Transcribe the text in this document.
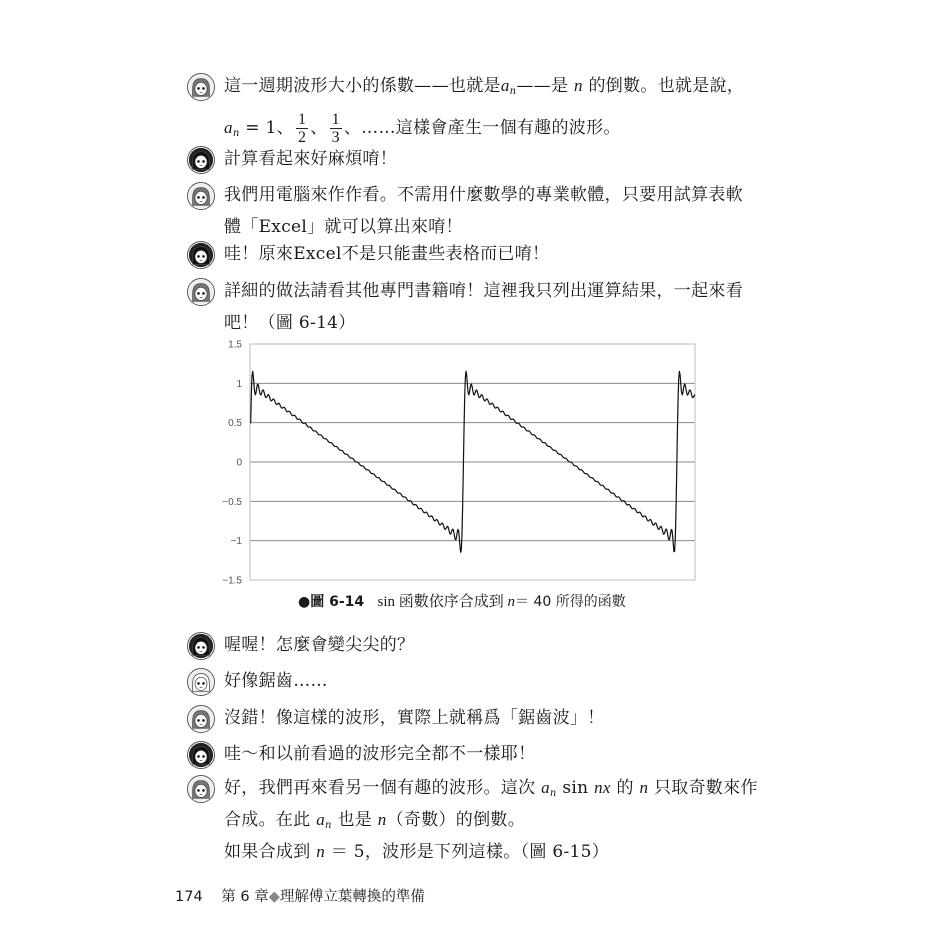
這一週期波形大小的係數——也就是$a_n——$是 n 的倒數。也就是說，
$a_n = 1$、 $\frac{1}{2}$ 、 $\frac{1}{3}$ 、……這樣會產生一個有趣的波形。
計算看起來好麻煩唷！
我們用電腦來作作看。不需用什麼數學的專業軟體，只要用試算表軟
體「Excel」就可以算出來唷！
哇！原來Excel不是只能畫些表格而已唷！
詳細的做法請看其他專門書籍唷！這裡我只列出運算結果，一起來看
吧！（圖 6-14）
喔喔！怎麼會變尖尖的？
好像鋸齒……
沒錯！像這樣的波形，實際上就稱爲「鋸齒波」！
哇～和以前看過的波形完全都不一樣耶！
好，我們再來看另一個有趣的波形。這次 $a_n$ sin nx 的 n 只取奇數來作
合成。在此 $a_n$ 也是 n（奇數）的倒數。
如果合成到 n ＝ 5，波形是下列這樣。（圖 6-15）
1.5
1
0.5
0
−0.5
−1
−1.5
●圖 6-14 sin 函數依序合成到 n＝ 40 所得的函數
174 第 6 章◆理解傅立葉轉換的準備
